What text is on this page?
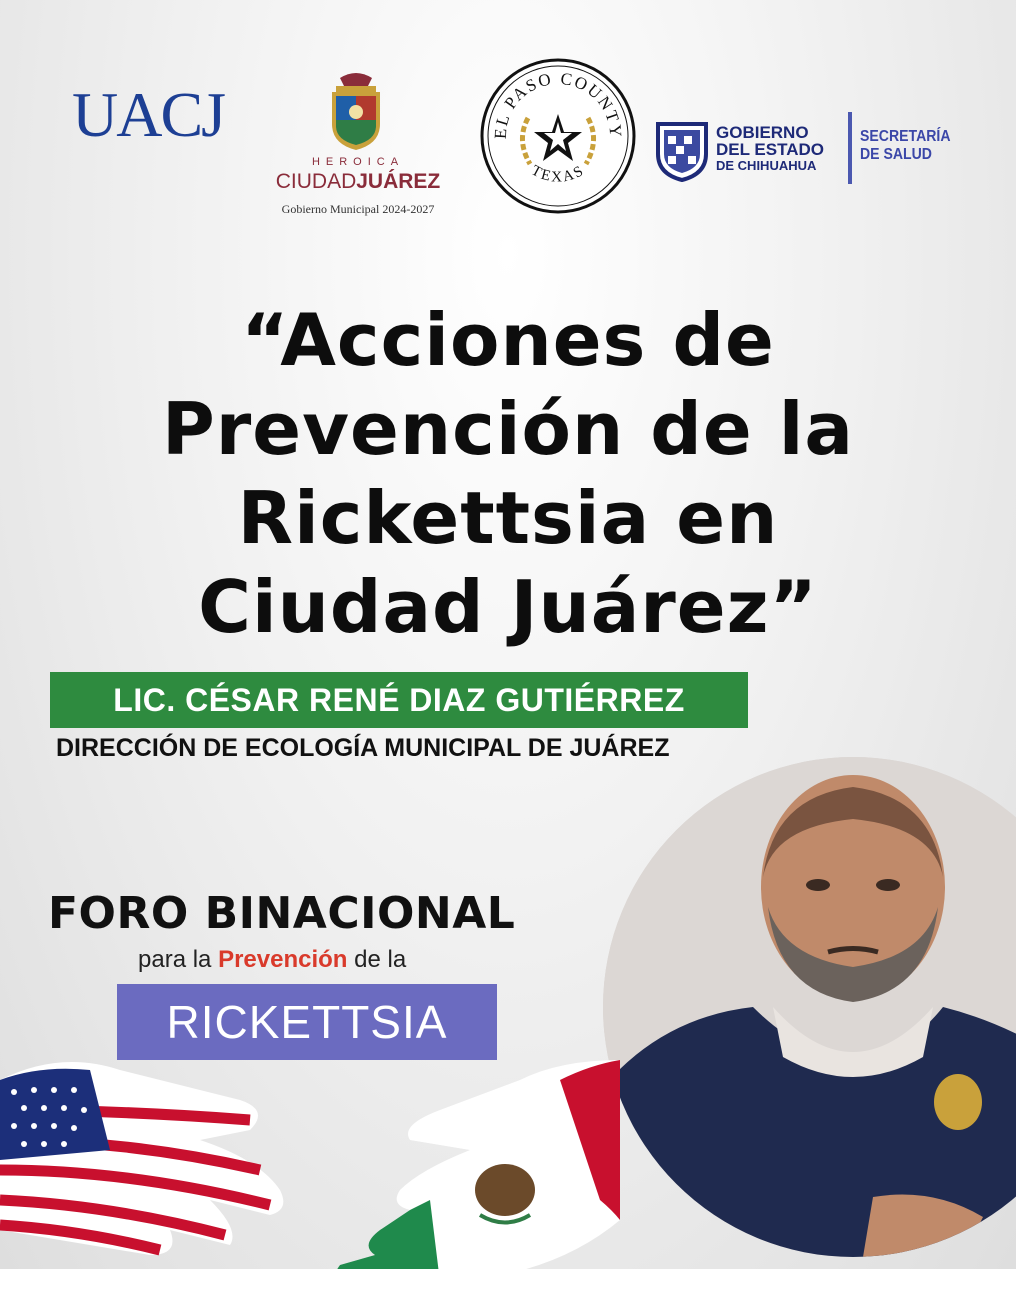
UACJ
HEROICA
CIUDADJUÁREZ
Gobierno Municipal 2024-2027
EL PASO COUNTY
TEXAS
GOBIERNO
DEL ESTADO
DE CHIHUAHUA
SECRETARÍA
DE SALUD
“Acciones de
Prevención de la
Rickettsia en
Ciudad Juárez”
LIC. CÉSAR RENÉ DIAZ GUTIÉRREZ
DIRECCIÓN DE ECOLOGÍA MUNICIPAL DE JUÁREZ
FORO BINACIONAL
para la Prevención de la
RICKETTSIA
